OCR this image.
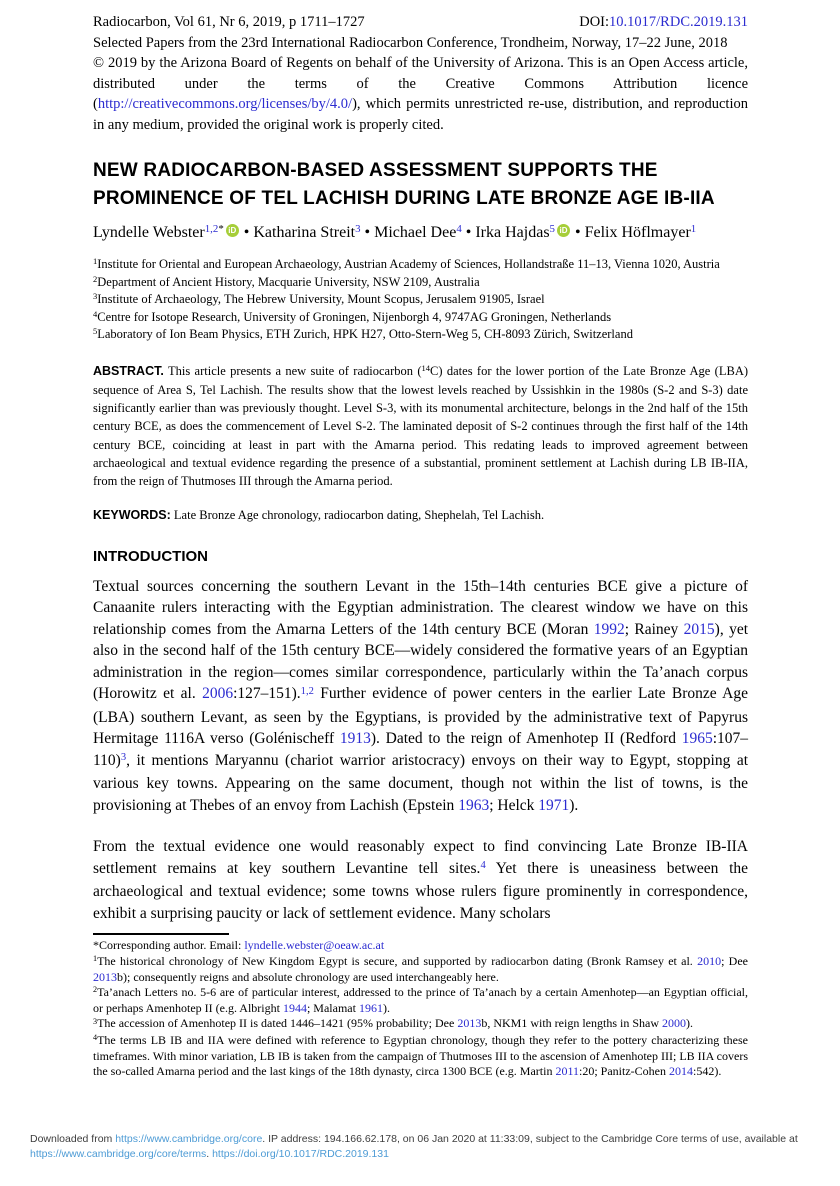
Radiocarbon, Vol 61, Nr 6, 2019, p 1711–1727	DOI:10.1017/RDC.2019.131
Selected Papers from the 23rd International Radiocarbon Conference, Trondheim, Norway, 17–22 June, 2018
© 2019 by the Arizona Board of Regents on behalf of the University of Arizona. This is an Open Access article, distributed under the terms of the Creative Commons Attribution licence (http://creativecommons.org/licenses/by/4.0/), which permits unrestricted re-use, distribution, and reproduction in any medium, provided the original work is properly cited.
NEW RADIOCARBON-BASED ASSESSMENT SUPPORTS THE PROMINENCE OF TEL LACHISH DURING LATE BRONZE AGE IB-IIA
Lyndelle Webster$^{1,2*}$ iD • Katharina Streit$^3$ • Michael Dee$^4$ • Irka Hajdas$^5$ iD • Felix Höflmayer$^1$
$^1$Institute for Oriental and European Archaeology, Austrian Academy of Sciences, Hollandstraße 11–13, Vienna 1020, Austria
$^2$Department of Ancient History, Macquarie University, NSW 2109, Australia
$^3$Institute of Archaeology, The Hebrew University, Mount Scopus, Jerusalem 91905, Israel
$^4$Centre for Isotope Research, University of Groningen, Nijenborgh 4, 9747AG Groningen, Netherlands
$^5$Laboratory of Ion Beam Physics, ETH Zurich, HPK H27, Otto-Stern-Weg 5, CH-8093 Zürich, Switzerland
ABSTRACT. This article presents a new suite of radiocarbon ($^{14}$C) dates for the lower portion of the Late Bronze Age (LBA) sequence of Area S, Tel Lachish. The results show that the lowest levels reached by Ussishkin in the 1980s (S-2 and S-3) date significantly earlier than was previously thought. Level S-3, with its monumental architecture, belongs in the 2nd half of the 15th century BCE, as does the commencement of Level S-2. The laminated deposit of S-2 continues through the first half of the 14th century BCE, coinciding at least in part with the Amarna period. This redating leads to improved agreement between archaeological and textual evidence regarding the presence of a substantial, prominent settlement at Lachish during LB IB-IIA, from the reign of Thutmoses III through the Amarna period.
KEYWORDS: Late Bronze Age chronology, radiocarbon dating, Shephelah, Tel Lachish.
INTRODUCTION
Textual sources concerning the southern Levant in the 15th–14th centuries BCE give a picture of Canaanite rulers interacting with the Egyptian administration. The clearest window we have on this relationship comes from the Amarna Letters of the 14th century BCE (Moran 1992; Rainey 2015), yet also in the second half of the 15th century BCE—widely considered the formative years of an Egyptian administration in the region—comes similar correspondence, particularly within the Ta’anach corpus (Horowitz et al. 2006:127–151).$^{1,2}$ Further evidence of power centers in the earlier Late Bronze Age (LBA) southern Levant, as seen by the Egyptians, is provided by the administrative text of Papyrus Hermitage 1116A verso (Golénischeff 1913). Dated to the reign of Amenhotep II (Redford 1965:107–110)$^3$, it mentions Maryannu (chariot warrior aristocracy) envoys on their way to Egypt, stopping at various key towns. Appearing on the same document, though not within the list of towns, is the provisioning at Thebes of an envoy from Lachish (Epstein 1963; Helck 1971).
From the textual evidence one would reasonably expect to find convincing Late Bronze IB-IIA settlement remains at key southern Levantine tell sites.$^4$ Yet there is uneasiness between the archaeological and textual evidence; some towns whose rulers figure prominently in correspondence, exhibit a surprising paucity or lack of settlement evidence. Many scholars
*Corresponding author. Email: lyndelle.webster@oeaw.ac.at
$^1$The historical chronology of New Kingdom Egypt is secure, and supported by radiocarbon dating (Bronk Ramsey et al. 2010; Dee 2013b); consequently reigns and absolute chronology are used interchangeably here.
$^2$Ta’anach Letters no. 5-6 are of particular interest, addressed to the prince of Ta’anach by a certain Amenhotep—an Egyptian official, or perhaps Amenhotep II (e.g. Albright 1944; Malamat 1961).
$^3$The accession of Amenhotep II is dated 1446–1421 (95% probability; Dee 2013b, NKM1 with reign lengths in Shaw 2000).
$^4$The terms LB IB and IIA were defined with reference to Egyptian chronology, though they refer to the pottery characterizing these timeframes. With minor variation, LB IB is taken from the campaign of Thutmoses III to the ascension of Amenhotep III; LB IIA covers the so-called Amarna period and the last kings of the 18th dynasty, circa 1300 BCE (e.g. Martin 2011:20; Panitz-Cohen 2014:542).
Downloaded from https://www.cambridge.org/core. IP address: 194.166.62.178, on 06 Jan 2020 at 11:33:09, subject to the Cambridge Core terms of use, available at https://www.cambridge.org/core/terms. https://doi.org/10.1017/RDC.2019.131
